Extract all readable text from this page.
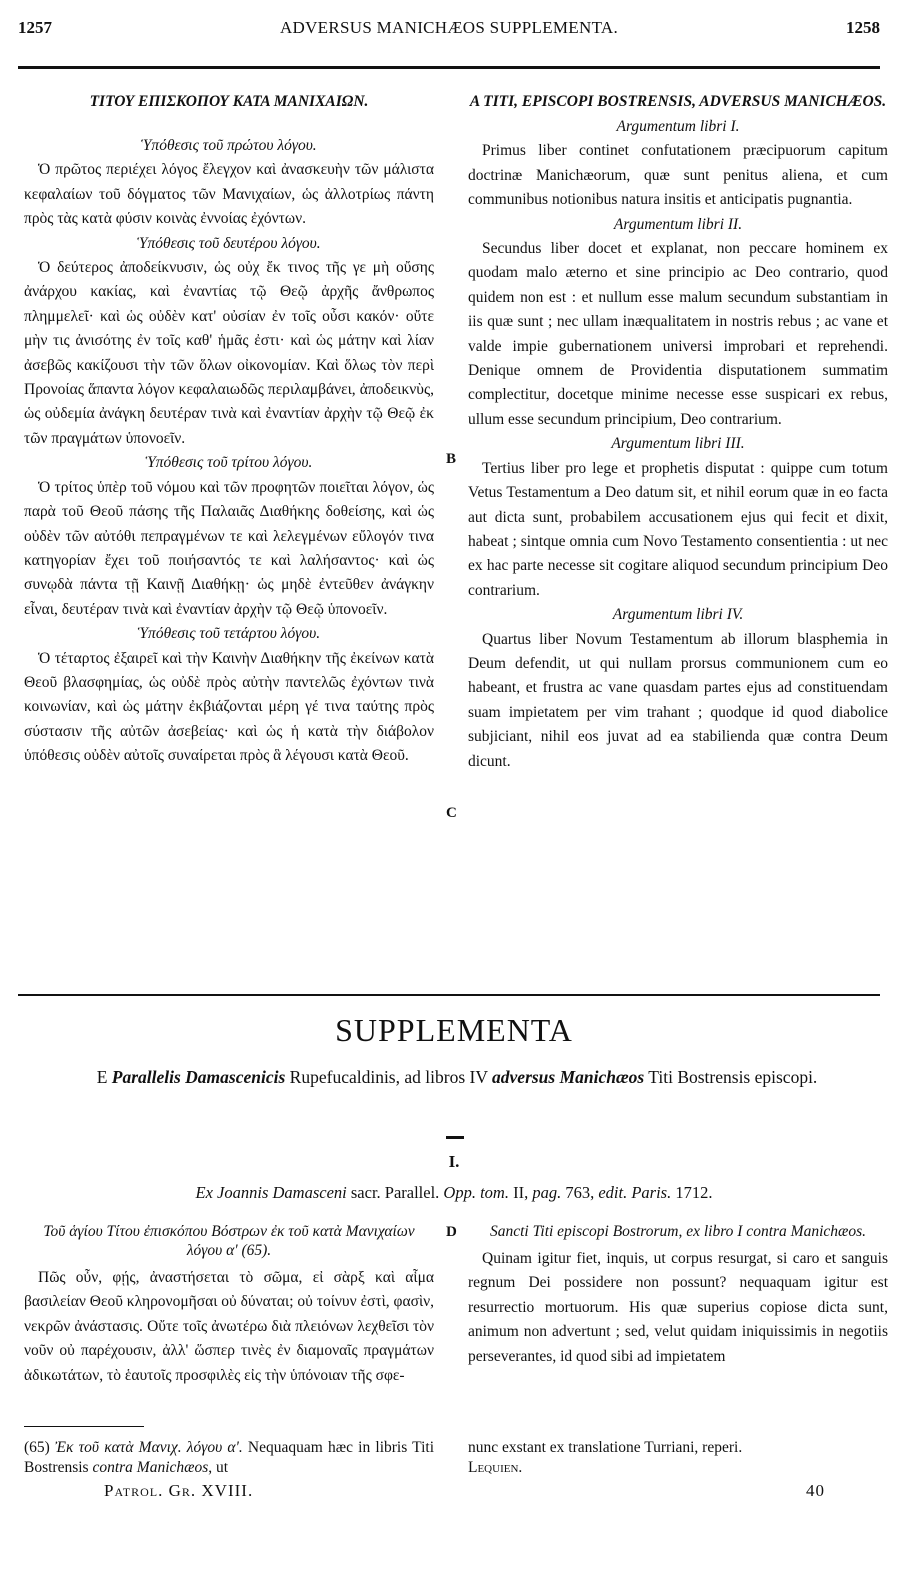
1257	ADVERSUS MANICHÆOS SUPPLEMENTA.	1258
ΤΙΤΟΥ ΕΠΙΣΚΟΠΟΥ ΚΑΤΑ ΜΑΝΙΧΑΙΩΝ.
Ὑπόθεσις τοῦ πρώτου λόγου.

Ὁ πρῶτος περιέχει λόγος ἔλεγχον καὶ ἀνασκευὴν τῶν μάλιστα κεφαλαίων τοῦ δόγματος τῶν Μανιχαίων, ὡς ἀλλοτρίως πάντη πρὸς τὰς κατὰ φύσιν κοινὰς ἐννοίας ἐχόντων.

Ὑπόθεσις τοῦ δευτέρου λόγου.

Ὁ δεύτερος ἀποδείκνυσιν, ὡς οὐχ ἔκ τινος τῆς γε μὴ οὔσης ἀνάρχου κακίας, καὶ ἐναντίας τῷ Θεῷ ἀρχῆς ἄνθρωπος πλημμελεῖ· καὶ ὡς οὐδὲν κατ' οὐσίαν ἐν τοῖς οὖσι κακόν· οὔτε μὴν τις ἀνισότης ἐν τοῖς καθ' ἡμᾶς ἐστι· καὶ ὡς μάτην καὶ λίαν ἀσεβῶς κακίζουσι τὴν τῶν ὅλων οἰκονομίαν. Καὶ ὅλως τὸν περὶ Προνοίας ἅπαντα λόγον κεφαλαιωδῶς περιλαμβάνει, ἀποδεικνὺς, ὡς οὐδεμία ἀνάγκη δευτέραν τινὰ καὶ ἐναντίαν ἀρχὴν τῷ Θεῷ ἐκ τῶν πραγμάτων ὑπονοεῖν.

Ὑπόθεσις τοῦ τρίτου λόγου.

Ὁ τρίτος ὑπὲρ τοῦ νόμου καὶ τῶν προφητῶν ποιεῖται λόγον, ὡς παρὰ τοῦ Θεοῦ πάσης τῆς Παλαιᾶς Διαθήκης δοθείσης, καὶ ὡς οὐδὲν τῶν αὐτόθι πεπραγμένων τε καὶ λελεγμένων εὔλογόν τινα κατηγορίαν ἔχει τοῦ ποιήσαντός τε καὶ λαλήσαντος· καὶ ὡς συνῳδὰ πάντα τῇ Καινῇ Διαθήκῃ· ὡς μηδὲ ἐντεῦθεν ἀνάγκην εἶναι, δευτέραν τινὰ καὶ ἐναντίαν ἀρχὴν τῷ Θεῷ ὑπονοεῖν.

Ὑπόθεσις τοῦ τετάρτου λόγου.

Ὁ τέταρτος ἐξαιρεῖ καὶ τὴν Καινὴν Διαθήκην τῆς ἐκείνων κατὰ Θεοῦ βλασφημίας, ὡς οὐδὲ πρὸς αὐτὴν παντελῶς ἐχόντων τινὰ κοινωνίαν, καὶ ὡς μάτην ἐκβιάζονται μέρη γέ τινα ταύτης πρὸς σύστασιν τῆς αὐτῶν ἀσεβείας· καὶ ὡς ἡ κατὰ τὴν διάβολον ὑπόθεσις οὐδὲν αὐτοῖς συναίρεται πρὸς ἃ λέγουσι κατὰ Θεοῦ.

A TITI, EPISCOPI BOSTRENSIS, ADVERSUS MANICHÆOS.
Argumentum libri I.

Primus liber continet confutationem præcipuorum capitum doctrinæ Manichæorum, quæ sunt penitus aliena, et cum communibus notionibus natura insitis et anticipatis pugnantia.

Argumentum libri II.

Secundus liber docet et explanat, non peccare hominem ex quodam malo æterno et sine principio ac Deo contrario, quod quidem non est : et nullum esse malum secundum substantiam in iis quæ sunt ; nec ullam inæqualitatem in nostris rebus ; ac vane et valde impie gubernationem universi improbari et reprehendi. Denique omnem de Providentia disputationem summatim complectitur, docetque minime necesse esse suspicari ex rebus, ullum esse secundum principium, Deo contrarium.

Argumentum libri III.

Tertius liber pro lege et prophetis disputat : quippe cum totum Vetus Testamentum a Deo datum sit, et nihil eorum quæ in eo facta aut dicta sunt, probabilem accusationem ejus qui fecit et dixit, habeat ; sintque omnia cum Novo Testamento consentientia : ut nec ex hac parte necesse sit cogitare aliquod secundum principium Deo contrarium.

Argumentum libri IV.

Quartus liber Novum Testamentum ab illorum blasphemia in Deum defendit, ut qui nullam prorsus communionem cum eo habeant, et frustra ac vane quasdam partes ejus ad constituendam suam impietatem per vim trahant ; quodque id quod diabolice subjiciant, nihil eos juvat ad ea stabilienda quæ contra Deum dicunt.

B
C
SUPPLEMENTA
E Parallelis Damascenicis Rupefucaldinis, ad libros IV adversus Manichæos Titi Bostrensis episcopi.
I.
Ex Joannis Damasceni sacr. Parallel. Opp. tom. II, pag. 763, edit. Paris. 1712.
Τοῦ ἁγίου Τίτου ἐπισκόπου Βόστρων ἐκ τοῦ κατὰ Μανιχαίων λόγου α' (65).

Πῶς οὖν, φῄς, ἀναστήσεται τὸ σῶμα, εἰ σὰρξ καὶ αἷμα βασιλείαν Θεοῦ κληρονομῆσαι οὐ δύναται; οὐ τοίνυν ἐστὶ, φασὶν, νεκρῶν ἀνάστασις. Οὔτε τοῖς ἀνωτέρω διὰ πλειόνων λεχθεῖσι τὸν νοῦν οὐ παρέχουσιν, ἀλλ' ὥσπερ τινὲς ἐν διαμοναῖς πραγμάτων ἀδικωτάτων, τὸ ἑαυτοῖς προσφιλὲς εἰς τὴν ὑπόνοιαν τῆς σφε-

D	Sancti Titi episcopi Bostrorum, ex libro I contra Manichæos.

Quinam igitur fiet, inquis, ut corpus resurgat, si caro et sanguis regnum Dei possidere non possunt? nequaquam igitur est resurrectio mortuorum. His quæ superius copiose dicta sunt, animum non advertunt ; sed, velut quidam iniquissimis in negotiis perseverantes, id quod sibi ad impietatem

(65) Ἐκ τοῦ κατὰ Μανιχ. λόγου α'. Nequaquam hæc in libris Titi Bostrensis contra Manichæos, ut
nunc exstant ex translatione Turriani, reperi.
Lequien.
Patrol. Gr. XVIII.	40
